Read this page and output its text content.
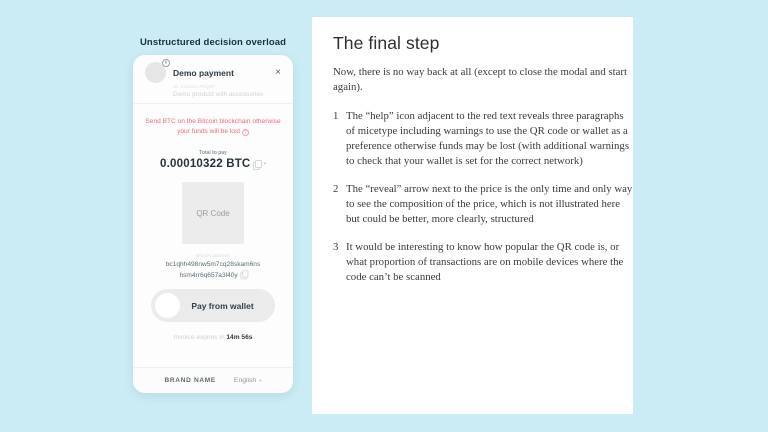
Unstructured decision overload
i
Demo payment	×
ID: xxxxxxx PAQ4P
Demo product with accessories
Send BTC on the Bitcoin blockchain otherwise your funds will be lost ?
Total to pay
0.00010322 BTC	▾
QR Code
Bitcoin address
bc1qhh498nw5m7cq28skam6ns
hsm4rr6q657a3l40y
Pay from wallet
Invoice expires in 14m 56s
BRAND NAME	English ▾
The final step
Now, there is no way back at all (except to close the modal and start again).
1 The “help” icon adjacent to the red text reveals three paragraphs of micetype including warnings to use the QR code or wallet as a preference otherwise funds may be lost (with additional warnings to check that your wallet is set for the correct network)
2 The “reveal” arrow next to the price is the only time and only way to see the composition of the price, which is not illustrated here but could be better, more clearly, structured
3 It would be interesting to know how popular the QR code is, or what proportion of transactions are on mobile devices where the code can’t be scanned
